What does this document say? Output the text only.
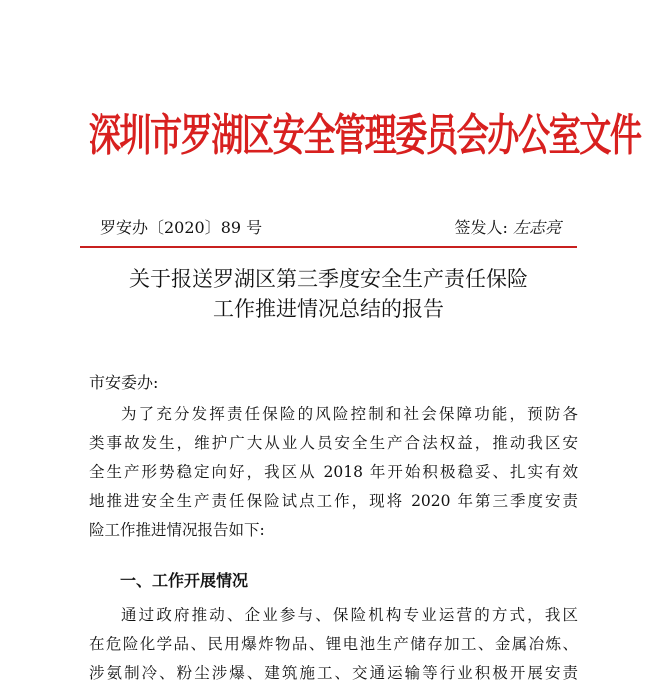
深圳市罗湖区安全管理委员会办公室文件
罗安办〔2020〕89 号	签发人: 左志亮
关于报送罗湖区第三季度安全生产责任保险
工作推进情况总结的报告
市安委办:
为了充分发挥责任保险的风险控制和社会保障功能，预防各
类事故发生，维护广大从业人员安全生产合法权益，推动我区安
全生产形势稳定向好，我区从 2018 年开始积极稳妥、扎实有效
地推进安全生产责任保险试点工作，现将 2020 年第三季度安责
险工作推进情况报告如下:
一、工作开展情况
通过政府推动、企业参与、保险机构专业运营的方式，我区
在危险化学品、民用爆炸物品、锂电池生产储存加工、金属冶炼、
涉氨制冷、粉尘涉爆、建筑施工、交通运输等行业积极开展安责
